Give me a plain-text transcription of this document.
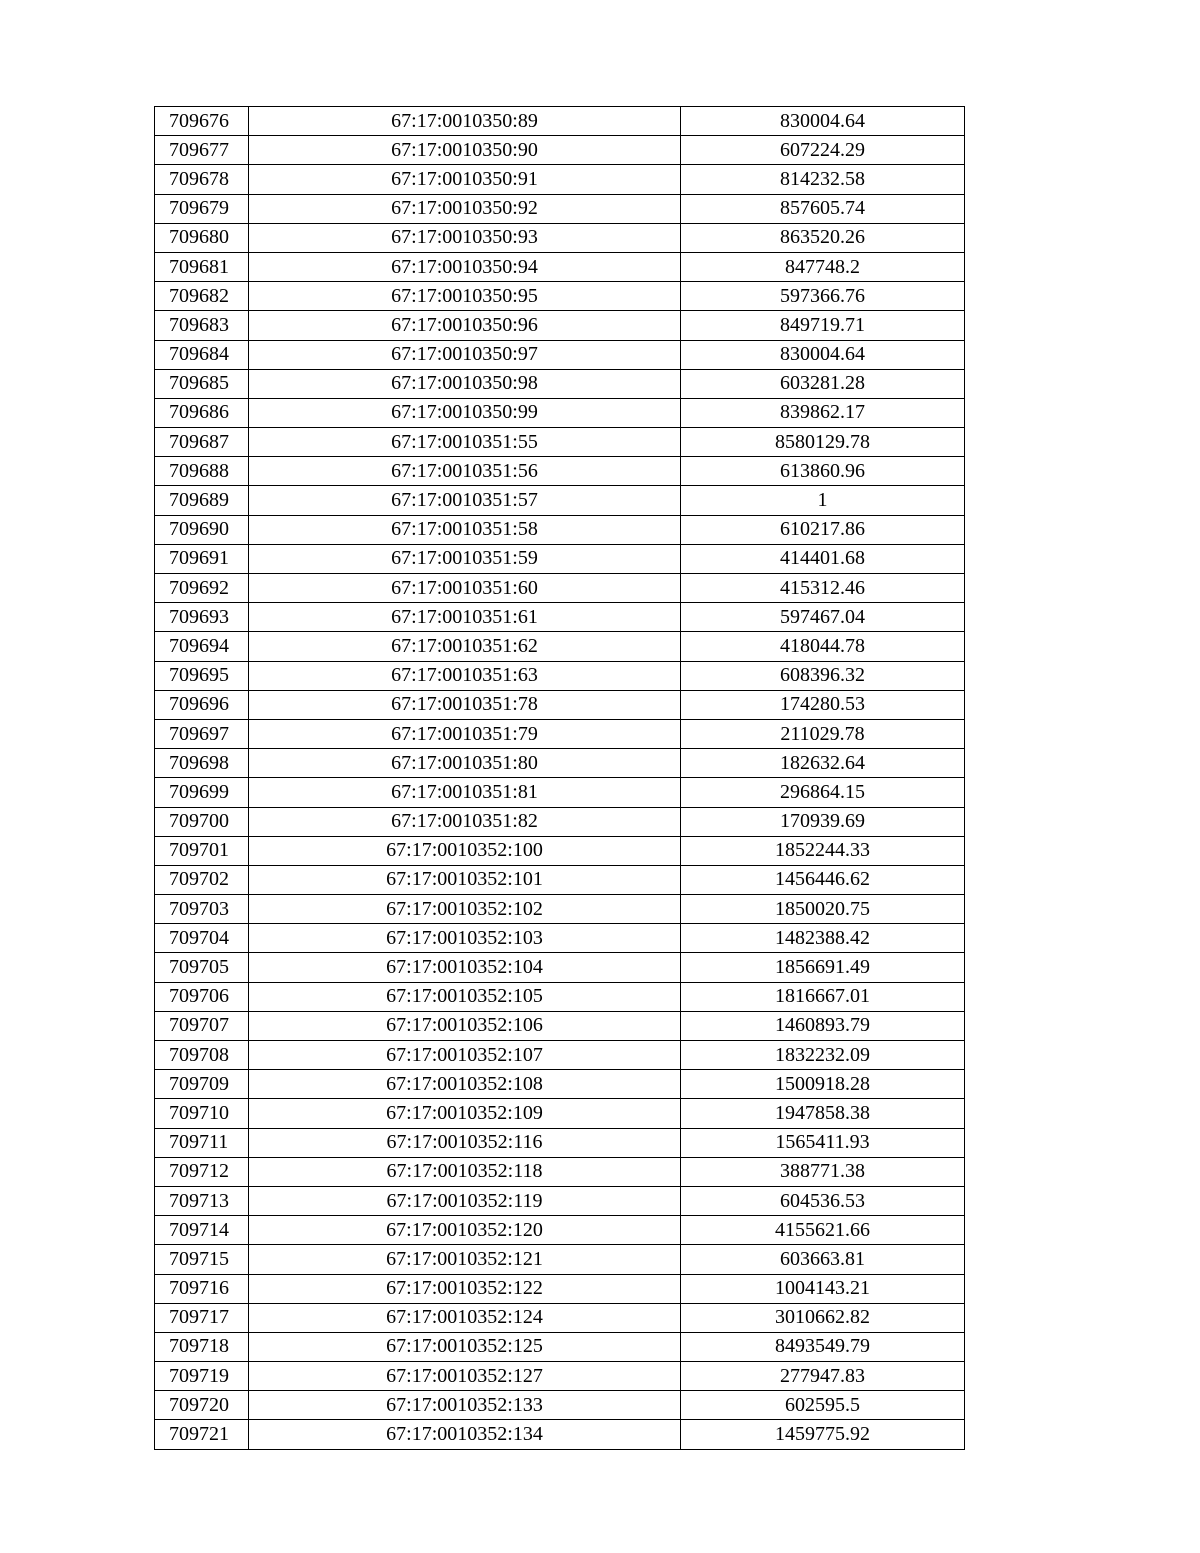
709676	67:17:0010350:89	830004.64
709677	67:17:0010350:90	607224.29
709678	67:17:0010350:91	814232.58
709679	67:17:0010350:92	857605.74
709680	67:17:0010350:93	863520.26
709681	67:17:0010350:94	847748.2
709682	67:17:0010350:95	597366.76
709683	67:17:0010350:96	849719.71
709684	67:17:0010350:97	830004.64
709685	67:17:0010350:98	603281.28
709686	67:17:0010350:99	839862.17
709687	67:17:0010351:55	8580129.78
709688	67:17:0010351:56	613860.96
709689	67:17:0010351:57	1
709690	67:17:0010351:58	610217.86
709691	67:17:0010351:59	414401.68
709692	67:17:0010351:60	415312.46
709693	67:17:0010351:61	597467.04
709694	67:17:0010351:62	418044.78
709695	67:17:0010351:63	608396.32
709696	67:17:0010351:78	174280.53
709697	67:17:0010351:79	211029.78
709698	67:17:0010351:80	182632.64
709699	67:17:0010351:81	296864.15
709700	67:17:0010351:82	170939.69
709701	67:17:0010352:100	1852244.33
709702	67:17:0010352:101	1456446.62
709703	67:17:0010352:102	1850020.75
709704	67:17:0010352:103	1482388.42
709705	67:17:0010352:104	1856691.49
709706	67:17:0010352:105	1816667.01
709707	67:17:0010352:106	1460893.79
709708	67:17:0010352:107	1832232.09
709709	67:17:0010352:108	1500918.28
709710	67:17:0010352:109	1947858.38
709711	67:17:0010352:116	1565411.93
709712	67:17:0010352:118	388771.38
709713	67:17:0010352:119	604536.53
709714	67:17:0010352:120	4155621.66
709715	67:17:0010352:121	603663.81
709716	67:17:0010352:122	1004143.21
709717	67:17:0010352:124	3010662.82
709718	67:17:0010352:125	8493549.79
709719	67:17:0010352:127	277947.83
709720	67:17:0010352:133	602595.5
709721	67:17:0010352:134	1459775.92
